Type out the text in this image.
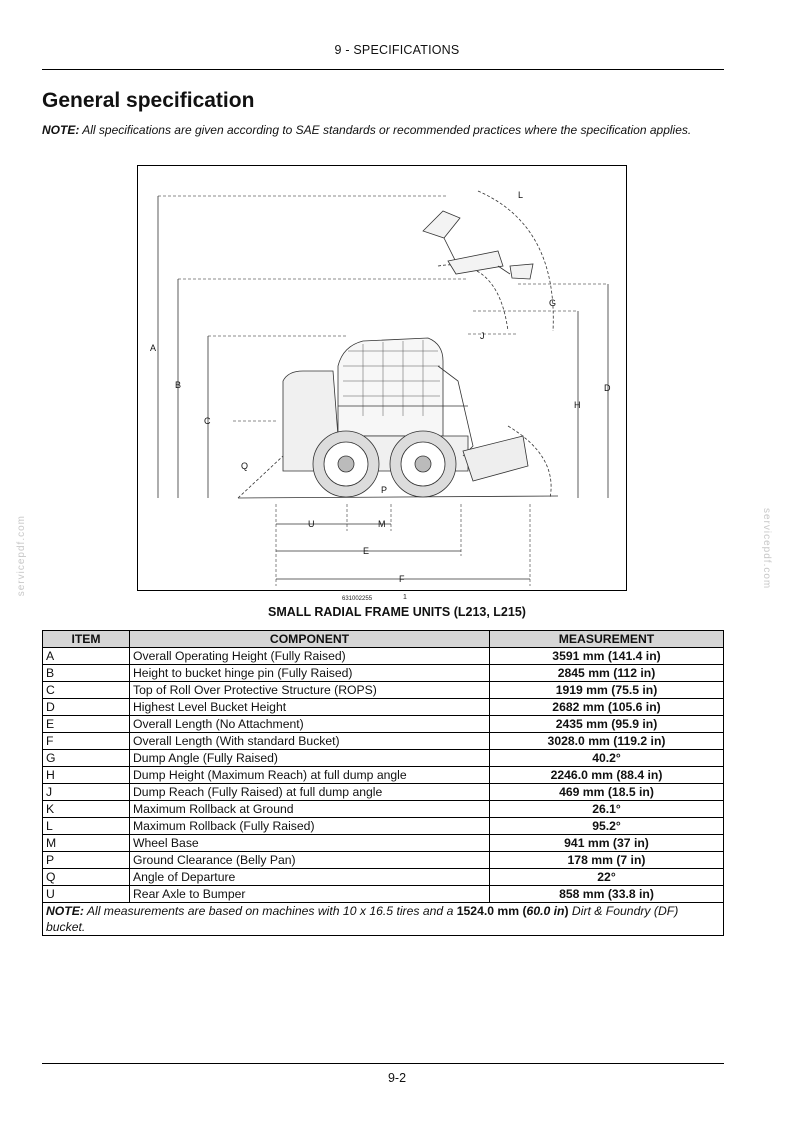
9 - SPECIFICATIONS
General specification
NOTE: All specifications are given according to SAE standards or recommended practices where the specification applies.
A
B
C
D
E
F
G
H
J
L
M
P
Q
U
631002255	1
SMALL RADIAL FRAME UNITS (L213, L215)
ITEM	COMPONENT	MEASUREMENT
A	Overall Operating Height (Fully Raised)	3591 mm (141.4 in)
B	Height to bucket hinge pin (Fully Raised)	2845 mm (112 in)
C	Top of Roll Over Protective Structure (ROPS)	1919 mm (75.5 in)
D	Highest Level Bucket Height	2682 mm (105.6 in)
E	Overall Length (No Attachment)	2435 mm (95.9 in)
F	Overall Length (With standard Bucket)	3028.0 mm (119.2 in)
G	Dump Angle (Fully Raised)	40.2°
H	Dump Height (Maximum Reach) at full dump angle	2246.0 mm (88.4 in)
J	Dump Reach (Fully Raised) at full dump angle	469 mm (18.5 in)
K	Maximum Rollback at Ground	26.1°
L	Maximum Rollback (Fully Raised)	95.2°
M	Wheel Base	941 mm (37 in)
P	Ground Clearance (Belly Pan)	178 mm (7 in)
Q	Angle of Departure	22°
U	Rear Axle to Bumper	858 mm (33.8 in)
NOTE: All measurements are based on machines with 10 x 16.5 tires and a 1524.0 mm (60.0 in) Dirt & Foundry (DF) bucket.		
9-2
servicepdf.com	servicepdf.com
